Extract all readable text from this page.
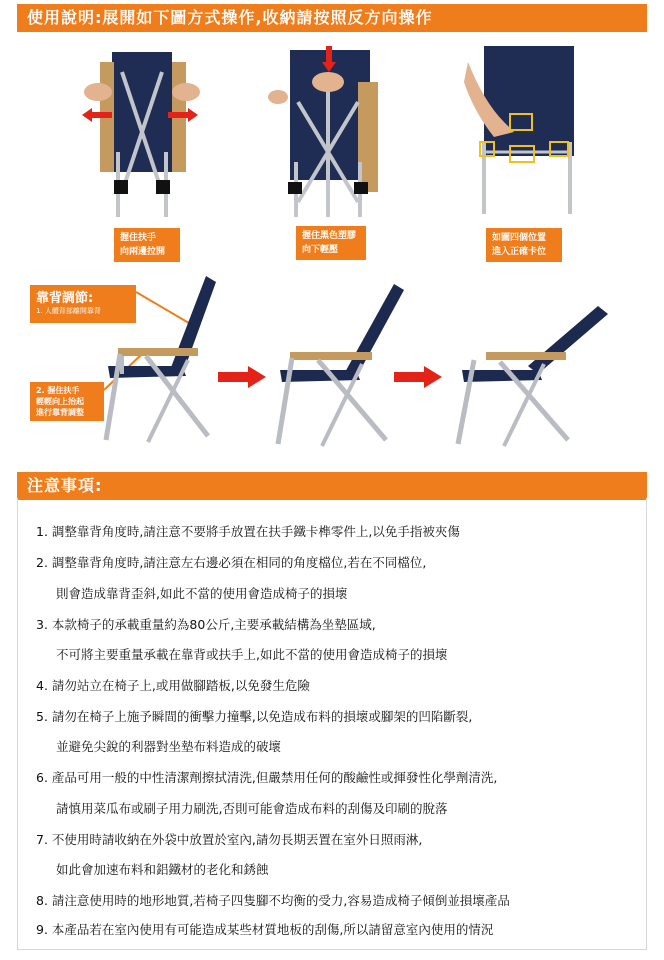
使用說明:展開如下圖方式操作,收納請按照反方向操作
握住扶手
向兩邊拉開
握住黑色塑膠
向下輕壓
如圖四個位置
進入正確卡位
靠背調節:
1. 人體背部離開靠背
2. 握住扶手
輕輕向上抬起
進行靠背調整
注意事項:
1. 調整靠背角度時,請注意不要將手放置在扶手鐵卡榫零件上,以免手指被夾傷
2. 調整靠背角度時,請注意左右邊必須在相同的角度檔位,若在不同檔位,
則會造成靠背歪斜,如此不當的使用會造成椅子的損壞
3. 本款椅子的承載重量約為80公斤,主要承載結構為坐墊區域,
不可將主要重量承載在靠背或扶手上,如此不當的使用會造成椅子的損壞
4. 請勿站立在椅子上,或用做腳踏板,以免發生危險
5. 請勿在椅子上施予瞬間的衝擊力撞擊,以免造成布料的損壞或腳架的凹陷斷裂,
並避免尖銳的利器對坐墊布料造成的破壞
6. 產品可用一般的中性清潔劑擦拭清洗,但嚴禁用任何的酸鹼性或揮發性化學劑清洗,
請慎用菜瓜布或刷子用力刷洗,否則可能會造成布料的刮傷及印刷的脫落
7. 不使用時請收納在外袋中放置於室內,請勿長期丟置在室外日照雨淋,
如此會加速布料和鋁鐵材的老化和銹蝕
8. 請注意使用時的地形地質,若椅子四隻腳不均衡的受力,容易造成椅子傾倒並損壞產品
9. 本產品若在室內使用有可能造成某些材質地板的刮傷,所以請留意室內使用的情況
